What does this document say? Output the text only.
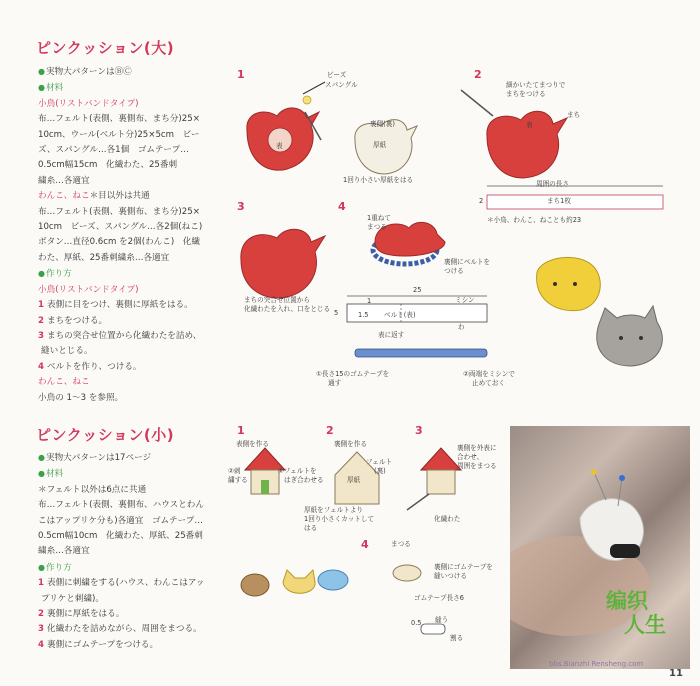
ピンクッション(大)
● 実物大パターンはⒷⒸ
● 材料
小鳥(リストバンドタイプ)
布…フェルト(表側、裏側布、まち分)25×
10cm、ウール(ベルト分)25×5cm　ビー
ズ、スパングル…各1個　ゴムテープ…
0.5cm幅15cm　化繊わた、25番刺
繍糸…各適宜
わんこ、ねこ＊目以外は共通
布…フェルト(表側、裏側布、まち分)25×
10cm　ビーズ、スパングル…各2個(ねこ)
ボタン…直径0.6cm を2個(わんこ)　化繊
わた、厚紙、25番刺繍糸…各適宜
● 作り方
小鳥(リストバンドタイプ)
1 表側に目をつけ、裏側に厚紙をはる。
2 まちをつける。
3 まちの突合せ位置から化繊わたを詰め、
縫いとじる。
4 ベルトを作り、つける。
わんこ、ねこ
小鳥の 1～3 を参照。
ピンクッション(小)
● 実物大パターンは17ページ
● 材料
＊フェルト以外は6点に共通
布…フェルト(表側、裏側布、ハウスとわん
こはアップリケ分も)各適宜　ゴムテープ…
0.5cm幅10cm　化繊わた、厚紙、25番刺
繍糸…各適宜
● 作り方
1 表側に刺繍をする(ハウス、わんこはアッ
プリケと刺繍)。
2 裏側に厚紙をはる。
3 化繊わたを詰めながら、周囲をまつる。
4 裏側にゴムテープをつける。
1	2
3	4
ビーズ
スパングル
表
裏側(裏)
厚紙
1回り小さい厚紙をはる
細かいたてまつりで
まちをつける
表
まち
周囲の長さ
まち1枚
2
＊小鳥、わんこ、ねことも約23
1重ねて
まつる
裏側にベルトを
つける
まちの突合せ位置から
化繊わたを入れ、口をとじる
25
5
1
1.5 ベルト(表)
ミシン
わ
表に返す
①長さ15のゴムテープを
通す
②両端をミシンで
止めておく
1	2	3
4
表側を作る
②刺
繍する
①フェルトを
はぎ合わせる
裏側を作る
フェルト
(裏)
厚紙
厚紙をフェルトより
1回り小さくカットして
はる
裏側を外表に
合わせ、
周囲をまつる
化繊わた
まつる
裏側にゴムテープを
縫いつける
ゴムテープ長さ6
0.5 縫う
割る
11
编织
人生
bbs.Bianzhi Rensheng.com
